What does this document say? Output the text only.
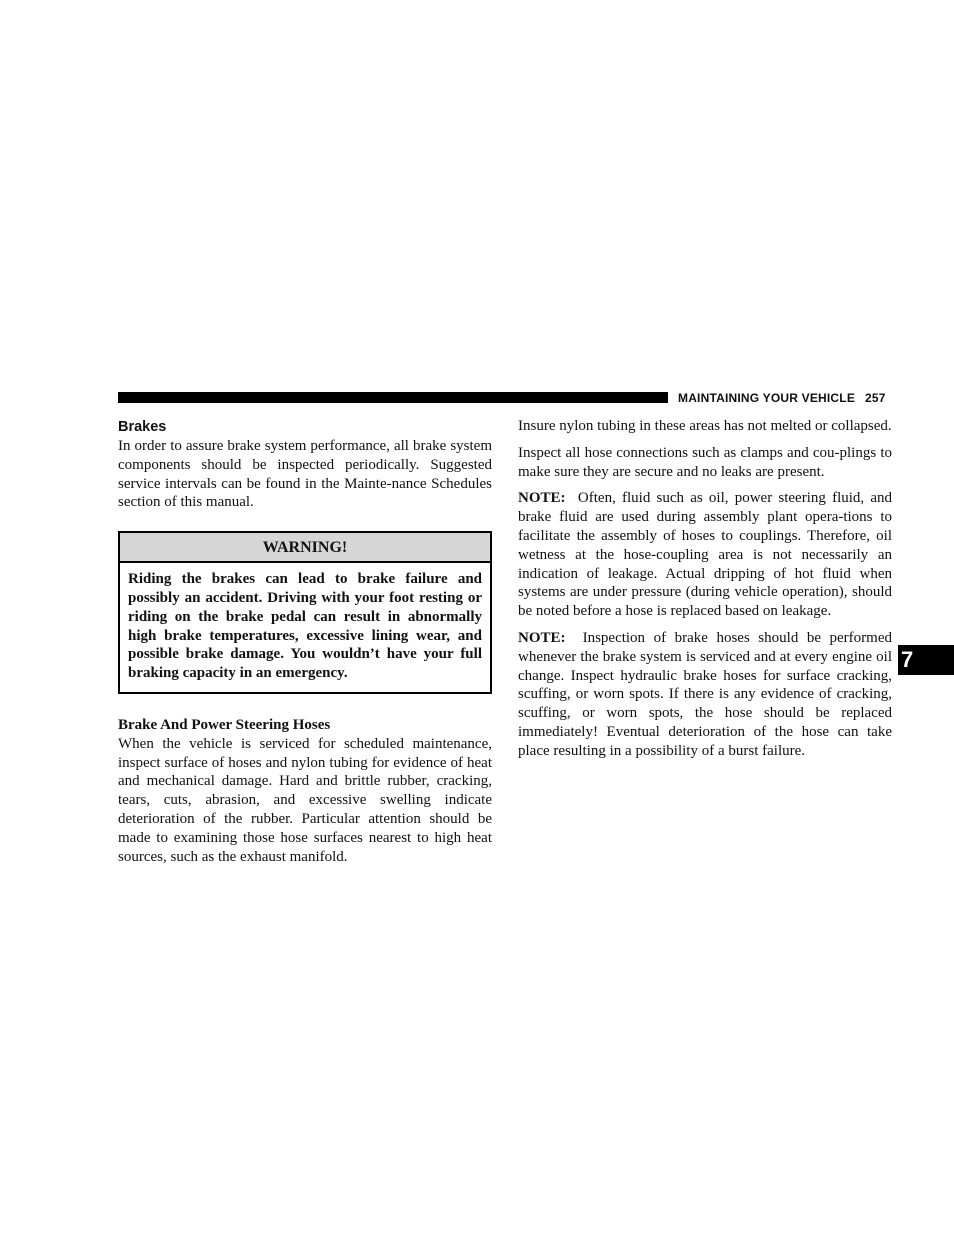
MAINTAINING YOUR VEHICLE 257
Brakes

In order to assure brake system performance, all brake system components should be inspected periodically. Suggested service intervals can be found in the Mainte-nance Schedules section of this manual.

WARNING!
Riding the brakes can lead to brake failure and possibly an accident. Driving with your foot resting or riding on the brake pedal can result in abnormally high brake temperatures, excessive lining wear, and possible brake damage. You wouldn’t have your full braking capacity in an emergency.
Brake And Power Steering Hoses

When the vehicle is serviced for scheduled maintenance, inspect surface of hoses and nylon tubing for evidence of heat and mechanical damage. Hard and brittle rubber, cracking, tears, cuts, abrasion, and excessive swelling indicate deterioration of the rubber. Particular attention should be made to examining those hose surfaces nearest to high heat sources, such as the exhaust manifold.

Insure nylon tubing in these areas has not melted or collapsed.

Inspect all hose connections such as clamps and cou-plings to make sure they are secure and no leaks are present.

NOTE: Often, fluid such as oil, power steering fluid, and brake fluid are used during assembly plant opera-tions to facilitate the assembly of hoses to couplings. Therefore, oil wetness at the hose-coupling area is not necessarily an indication of leakage. Actual dripping of hot fluid when systems are under pressure (during vehicle operation), should be noted before a hose is replaced based on leakage.

NOTE: Inspection of brake hoses should be performed whenever the brake system is serviced and at every engine oil change. Inspect hydraulic brake hoses for surface cracking, scuffing, or worn spots. If there is any evidence of cracking, scuffing, or worn spots, the hose should be replaced immediately! Eventual deterioration of the hose can take place resulting in a possibility of a burst failure.

7
